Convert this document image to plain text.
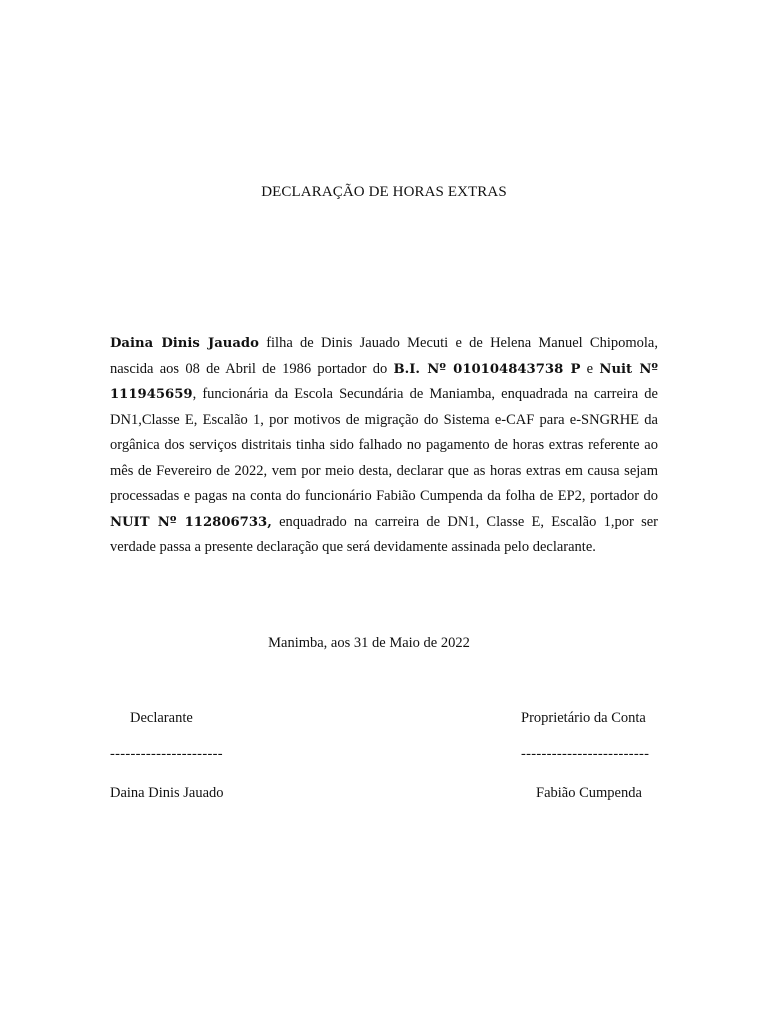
DECLARAÇÃO DE HORAS EXTRAS
Daina Dinis Jauado filha de Dinis Jauado Mecuti e de Helena Manuel Chipomola, nascida aos 08 de Abril de 1986 portador do B.I. Nº 010104843738 P e Nuit Nº 111945659, funcionária da Escola Secundária de Maniamba, enquadrada na carreira de DN1,Classe E, Escalão 1, por motivos de migração do Sistema e-CAF para e-SNGRHE da orgânica dos serviços distritais tinha sido falhado no pagamento de horas extras referente ao mês de Fevereiro de 2022, vem por meio desta, declarar que as horas extras em causa sejam processadas e pagas na conta do funcionário Fabião Cumpenda da folha de EP2, portador do NUIT Nº 112806733, enquadrado na carreira de DN1, Classe E, Escalão 1,por ser verdade passa a presente declaração que será devidamente assinada pelo declarante.
Manimba, aos 31 de Maio de 2022
Declarante	Proprietário da Conta
----------------------	-------------------------
Daina Dinis Jauado	Fabião Cumpenda
